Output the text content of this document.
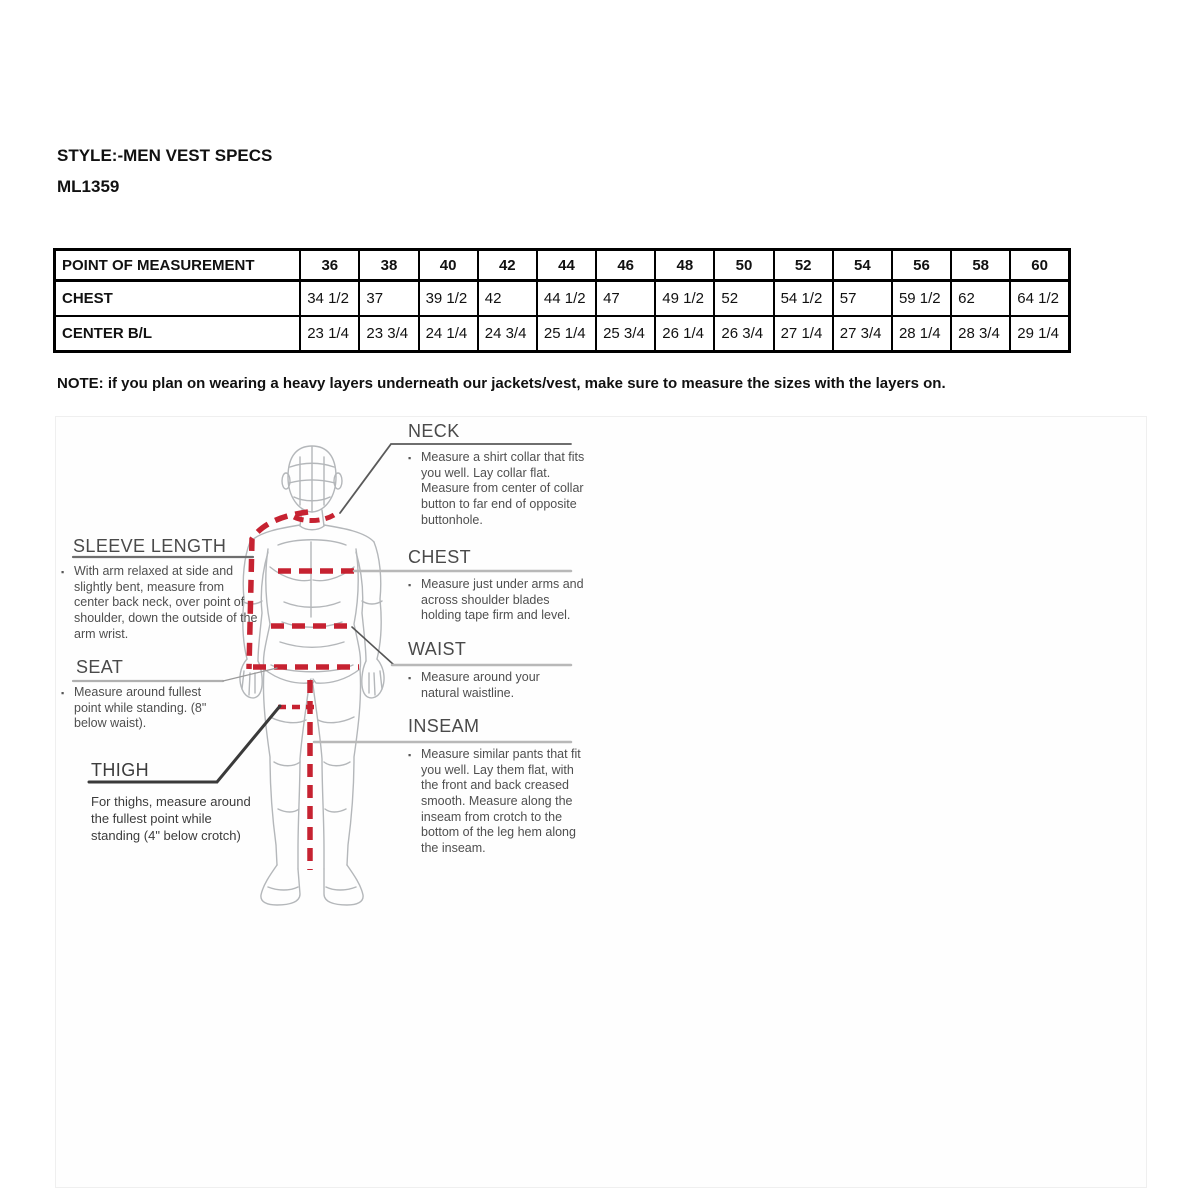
STYLE:-MEN VEST SPECS
ML1359
POINT OF MEASUREMENT	36	38	40	42	44	46	48	50	52	54	56	58	60
CHEST	34 1/2	37	39 1/2	42	44 1/2	47	49 1/2	52	54 1/2	57	59 1/2	62	64 1/2
CENTER B/L	23 1/4	23 3/4	24 1/4	24 3/4	25 1/4	25 3/4	26 1/4	26 3/4	27 1/4	27 3/4	28 1/4	28 3/4	29 1/4
NOTE: if you plan on wearing a heavy layers underneath our jackets/vest, make sure to measure the sizes with the layers on.
NECK
▪ Measure a shirt collar that fits you well. Lay collar flat. Measure from center of collar button to far end of opposite buttonhole.
SLEEVE LENGTH
▪ With arm relaxed at side and slightly bent, measure from center back neck, over point of shoulder, down the outside of the arm wrist.
CHEST
▪ Measure just under arms and across shoulder blades holding tape firm and level.
WAIST
▪ Measure around your natural waistline.
SEAT
▪ Measure around fullest point while standing. (8" below waist).	INSEAM
▪ Measure similar pants that fit you well. Lay them flat, with the front and back creased smooth. Measure along the inseam from crotch to the bottom of the leg hem along the inseam.
THIGH
For thighs, measure around the fullest point while standing (4" below crotch)
